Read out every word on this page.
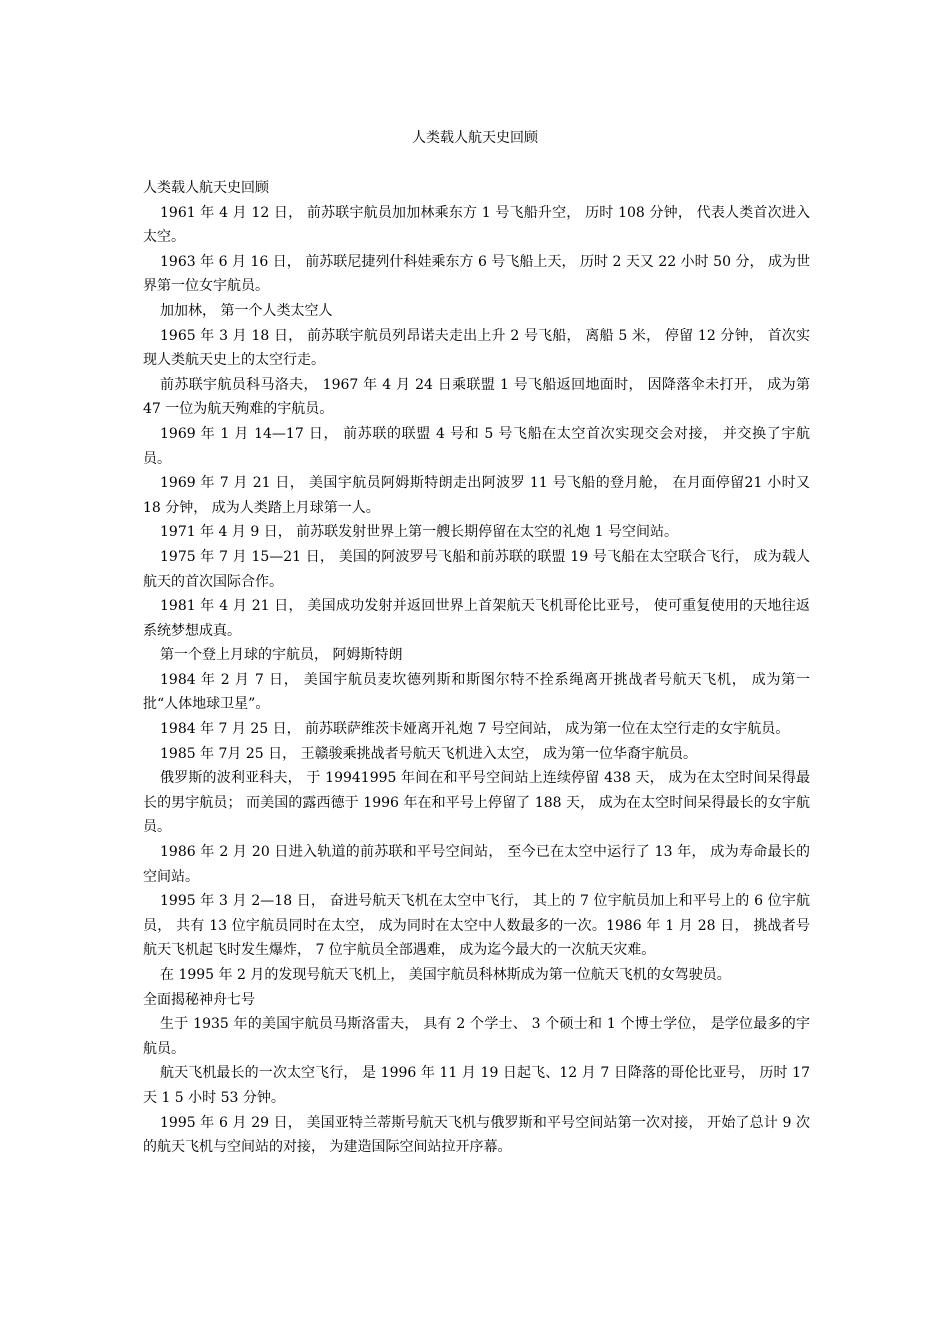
人类载人航天史回顾

人类载人航天史回顾

1961 年 4 月 12 日， 前苏联宇航员加加林乘东方 1 号飞船升空， 历时 108 分钟， 代表人类首次进入太空。

1963 年 6 月 16 日， 前苏联尼捷列什科娃乘东方 6 号飞船上天， 历时 2 天又 22 小时 50 分， 成为世界第一位女宇航员。

加加林， 第一个人类太空人

1965 年 3 月 18 日， 前苏联宇航员列昂诺夫走出上升 2 号飞船， 离船 5 米， 停留 12 分钟， 首次实现人类航天史上的太空行走。

前苏联宇航员科马洛夫， 1967 年 4 月 24 日乘联盟 1 号飞船返回地面时， 因降落伞未打开， 成为第 47 一位为航天殉难的宇航员。

1969 年 1 月 14—17 日， 前苏联的联盟 4 号和 5 号飞船在太空首次实现交会对接， 并交换了宇航员。

1969 年 7 月 21 日， 美国宇航员阿姆斯特朗走出阿波罗 11 号飞船的登月舱， 在月面停留21 小时又 18 分钟， 成为人类踏上月球第一人。

1971 年 4 月 9 日， 前苏联发射世界上第一艘长期停留在太空的礼炮 1 号空间站。

1975 年 7 月 15—21 日， 美国的阿波罗号飞船和前苏联的联盟 19 号飞船在太空联合飞行， 成为载人航天的首次国际合作。

1981 年 4 月 21 日， 美国成功发射并返回世界上首架航天飞机哥伦比亚号， 使可重复使用的天地往返系统梦想成真。

第一个登上月球的宇航员， 阿姆斯特朗

1984 年 2 月 7 日， 美国宇航员麦坎德列斯和斯图尔特不拴系绳离开挑战者号航天飞机， 成为第一批“人体地球卫星”。

1984 年 7 月 25 日， 前苏联萨维茨卡娅离开礼炮 7 号空间站， 成为第一位在太空行走的女宇航员。

1985 年 7月 25 日， 王赣骏乘挑战者号航天飞机进入太空， 成为第一位华裔宇航员。

俄罗斯的波利亚科夫， 于 19941995 年间在和平号空间站上连续停留 438 天， 成为在太空时间呆得最长的男宇航员； 而美国的露西德于 1996 年在和平号上停留了 188 天， 成为在太空时间呆得最长的女宇航员。

1986 年 2 月 20 日进入轨道的前苏联和平号空间站， 至今已在太空中运行了 13 年， 成为寿命最长的空间站。

1995 年 3 月 2—18 日， 奋进号航天飞机在太空中飞行， 其上的 7 位宇航员加上和平号上的 6 位宇航员， 共有 13 位宇航员同时在太空， 成为同时在太空中人数最多的一次。1986 年 1 月 28 日， 挑战者号航天飞机起飞时发生爆炸， 7 位宇航员全部遇难， 成为迄今最大的一次航天灾难。

在 1995 年 2 月的发现号航天飞机上， 美国宇航员科林斯成为第一位航天飞机的女驾驶员。

全面揭秘神舟七号

生于 1935 年的美国宇航员马斯洛雷夫， 具有 2 个学士、 3 个硕士和 1 个博士学位， 是学位最多的宇航员。

航天飞机最长的一次太空飞行， 是 1996 年 11 月 19 日起飞、12 月 7 日降落的哥伦比亚号， 历时 17 天 1 5 小时 53 分钟。

1995 年 6 月 29 日， 美国亚特兰蒂斯号航天飞机与俄罗斯和平号空间站第一次对接， 开始了总计 9 次的航天飞机与空间站的对接， 为建造国际空间站拉开序幕。
